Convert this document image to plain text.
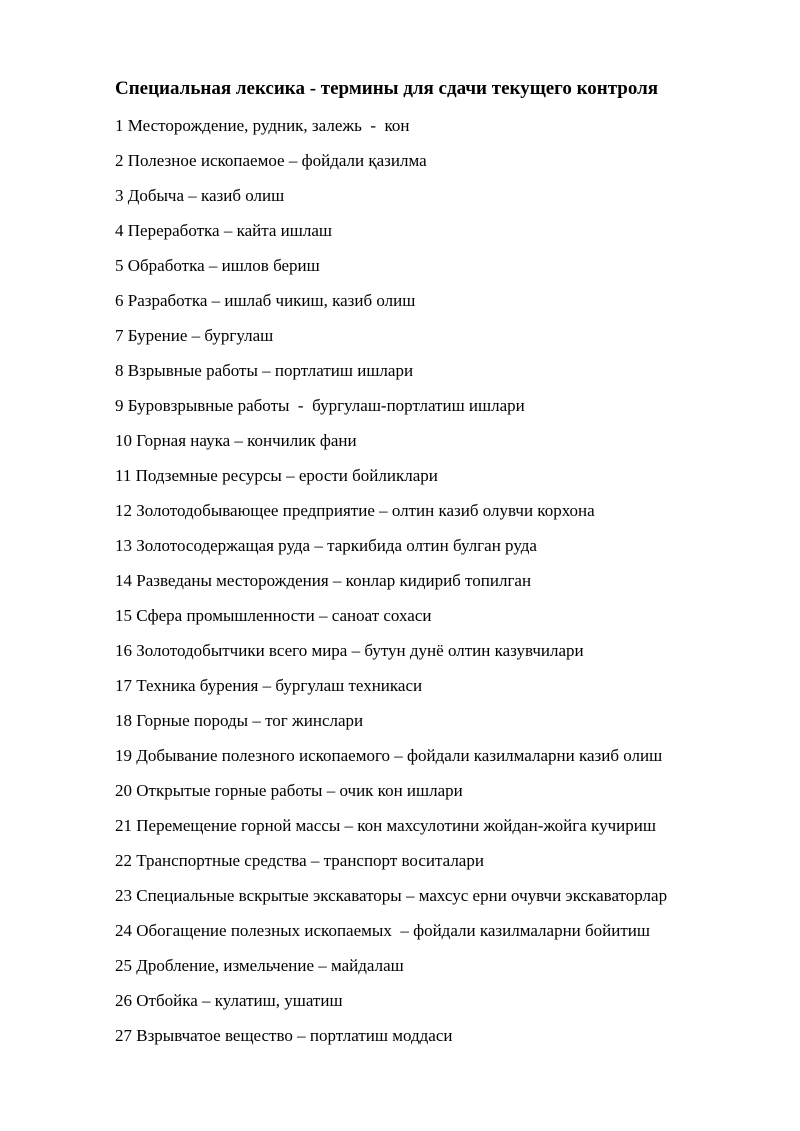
Специальная лексика - термины для сдачи текущего контроля
1 Месторождение, рудник, залежь  -  кон
2 Полезное ископаемое – фойдали қазилма
3 Добыча – казиб олиш
4 Переработка – кайта ишлаш
5 Обработка – ишлов бериш
6 Разработка – ишлаб чикиш, казиб олиш
7 Бурение – бургулаш
8 Взрывные работы – портлатиш ишлари
9 Буровзрывные работы  -  бургулаш-портлатиш ишлари
10 Горная наука – кончилик фани
11 Подземные ресурсы – ерости бойликлари
12 Золотодобывающее предприятие – олтин казиб олувчи корхона
13 Золотосодержащая руда – таркибида олтин булган руда
14 Разведаны месторождения – конлар кидириб топилган
15 Сфера промышленности – саноат сохаси
16 Золотодобытчики всего мира – бутун дунё олтин казувчилари
17 Техника бурения – бургулаш техникаси
18 Горные породы – тог жинслари
19 Добывание полезного ископаемого – фойдали казилмаларни казиб олиш
20 Открытые горные работы – очик кон ишлари
21 Перемещение горной массы – кон махсулотини жойдан-жойга кучириш
22 Транспортные средства – транспорт воситалари
23 Специальные вскрытые экскаваторы – махсус ерни очувчи экскаваторлар
24 Обогащение полезных ископаемых  – фойдали казилмаларни бойитиш
25 Дробление, измельчение – майдалаш
26 Отбойка – кулатиш, ушатиш
27 Взрывчатое вещество – портлатиш моддаси
